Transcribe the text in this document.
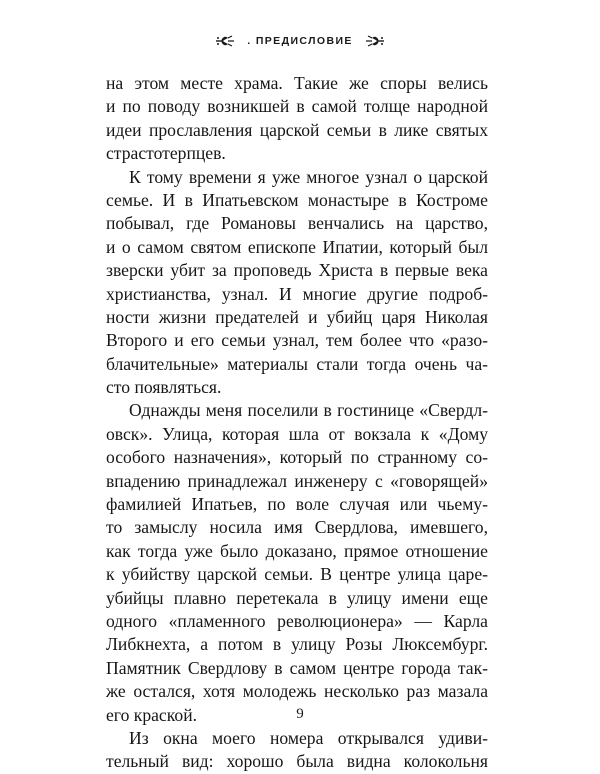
. ПРЕДИСЛОВИЕ
на этом месте храма. Такие же споры велись
и по поводу возникшей в самой толще народной
идеи прославления царской семьи в лике святых
страстотерпцев.
К тому времени я уже многое узнал о царской
семье. И в Ипатьевском монастыре в Костроме
побывал, где Романовы венчались на царство,
и о самом святом епископе Ипатии, который был
зверски убит за проповедь Христа в первые века
христианства, узнал. И многие другие подроб-
ности жизни предателей и убийц царя Николая
Второго и его семьи узнал, тем более что «разо-
блачительные» материалы стали тогда очень ча-
сто появляться.
Однажды меня поселили в гостинице «Свердл-
овск». Улица, которая шла от вокзала к «Дому
особого назначения», который по странному со-
впадению принадлежал инженеру с «говорящей»
фамилией Ипатьев, по воле случая или чьему-
то замыслу носила имя Свердлова, имевшего,
как тогда уже было доказано, прямое отношение
к убийству царской семьи. В центре улица царе-
убийцы плавно перетекала в улицу имени еще
одного «пламенного революционера» — Карла
Либкнехта, а потом в улицу Розы Люксембург.
Памятник Свердлову в самом центре города так-
же остался, хотя молодежь несколько раз мазала
его краской.
Из окна моего номера открывался удиви-
тельный вид: хорошо была видна колокольня
9
